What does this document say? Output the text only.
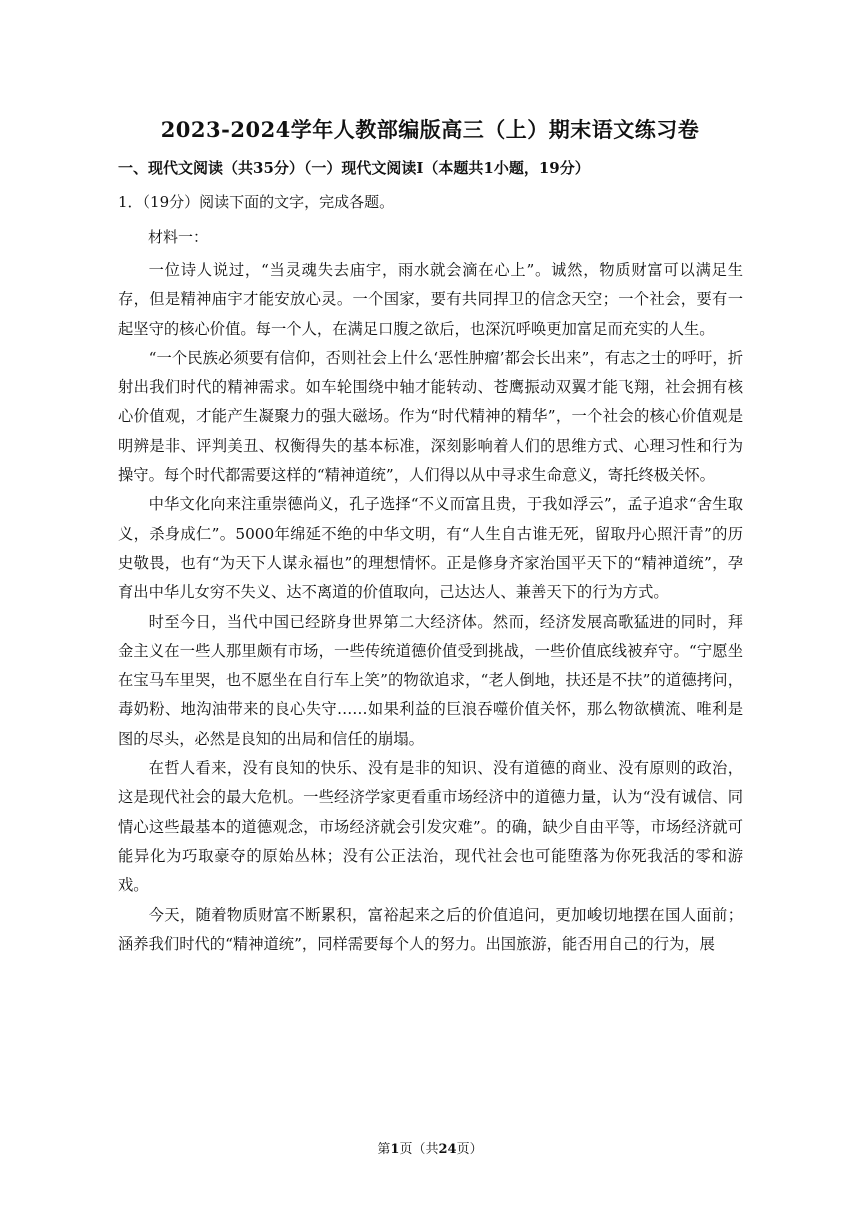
2023-2024学年人教部编版高三（上）期末语文练习卷
一、现代文阅读（共35分）（一）现代文阅读Ⅰ（本题共1小题，19分）
1．（19分）阅读下面的文字，完成各题。
材料一：

一位诗人说过，“当灵魂失去庙宇，雨水就会滴在心上”。诚然，物质财富可以满足生存，但是精神庙宇才能安放心灵。一个国家，要有共同捍卫的信念天空；一个社会，要有一起坚守的核心价值。每一个人，在满足口腹之欲后，也深沉呼唤更加富足而充实的人生。

“一个民族必须要有信仰，否则社会上什么‘恶性肿瘤’都会长出来”，有志之士的呼吁，折射出我们时代的精神需求。如车轮围绕中轴才能转动、苍鹰振动双翼才能飞翔，社会拥有核心价值观，才能产生凝聚力的强大磁场。作为“时代精神的精华”，一个社会的核心价值观是明辨是非、评判美丑、权衡得失的基本标准，深刻影响着人们的思维方式、心理习性和行为操守。每个时代都需要这样的“精神道统”，人们得以从中寻求生命意义，寄托终极关怀。

中华文化向来注重崇德尚义，孔子选择“不义而富且贵，于我如浮云”，孟子追求“舍生取义，杀身成仁”。5000年绵延不绝的中华文明，有“人生自古谁无死，留取丹心照汗青”的历史敬畏，也有“为天下人谋永福也”的理想情怀。正是修身齐家治国平天下的“精神道统”，孕育出中华儿女穷不失义、达不离道的价值取向，己达达人、兼善天下的行为方式。

时至今日，当代中国已经跻身世界第二大经济体。然而，经济发展高歌猛进的同时，拜金主义在一些人那里颇有市场，一些传统道德价值受到挑战，一些价值底线被弃守。“宁愿坐在宝马车里哭，也不愿坐在自行车上笑”的物欲追求，“老人倒地，扶还是不扶”的道德拷问，毒奶粉、地沟油带来的良心失守……如果利益的巨浪吞噬价值关怀，那么物欲横流、唯利是图的尽头，必然是良知的出局和信任的崩塌。

在哲人看来，没有良知的快乐、没有是非的知识、没有道德的商业、没有原则的政治，这是现代社会的最大危机。一些经济学家更看重市场经济中的道德力量，认为“没有诚信、同情心这些最基本的道德观念，市场经济就会引发灾难”。的确，缺少自由平等，市场经济就可能异化为巧取豪夺的原始丛林；没有公正法治，现代社会也可能堕落为你死我活的零和游戏。

今天，随着物质财富不断累积，富裕起来之后的价值追问，更加峻切地摆在国人面前；涵养我们时代的“精神道统”，同样需要每个人的努力。出国旅游，能否用自己的行为，展

第1页（共24页）
